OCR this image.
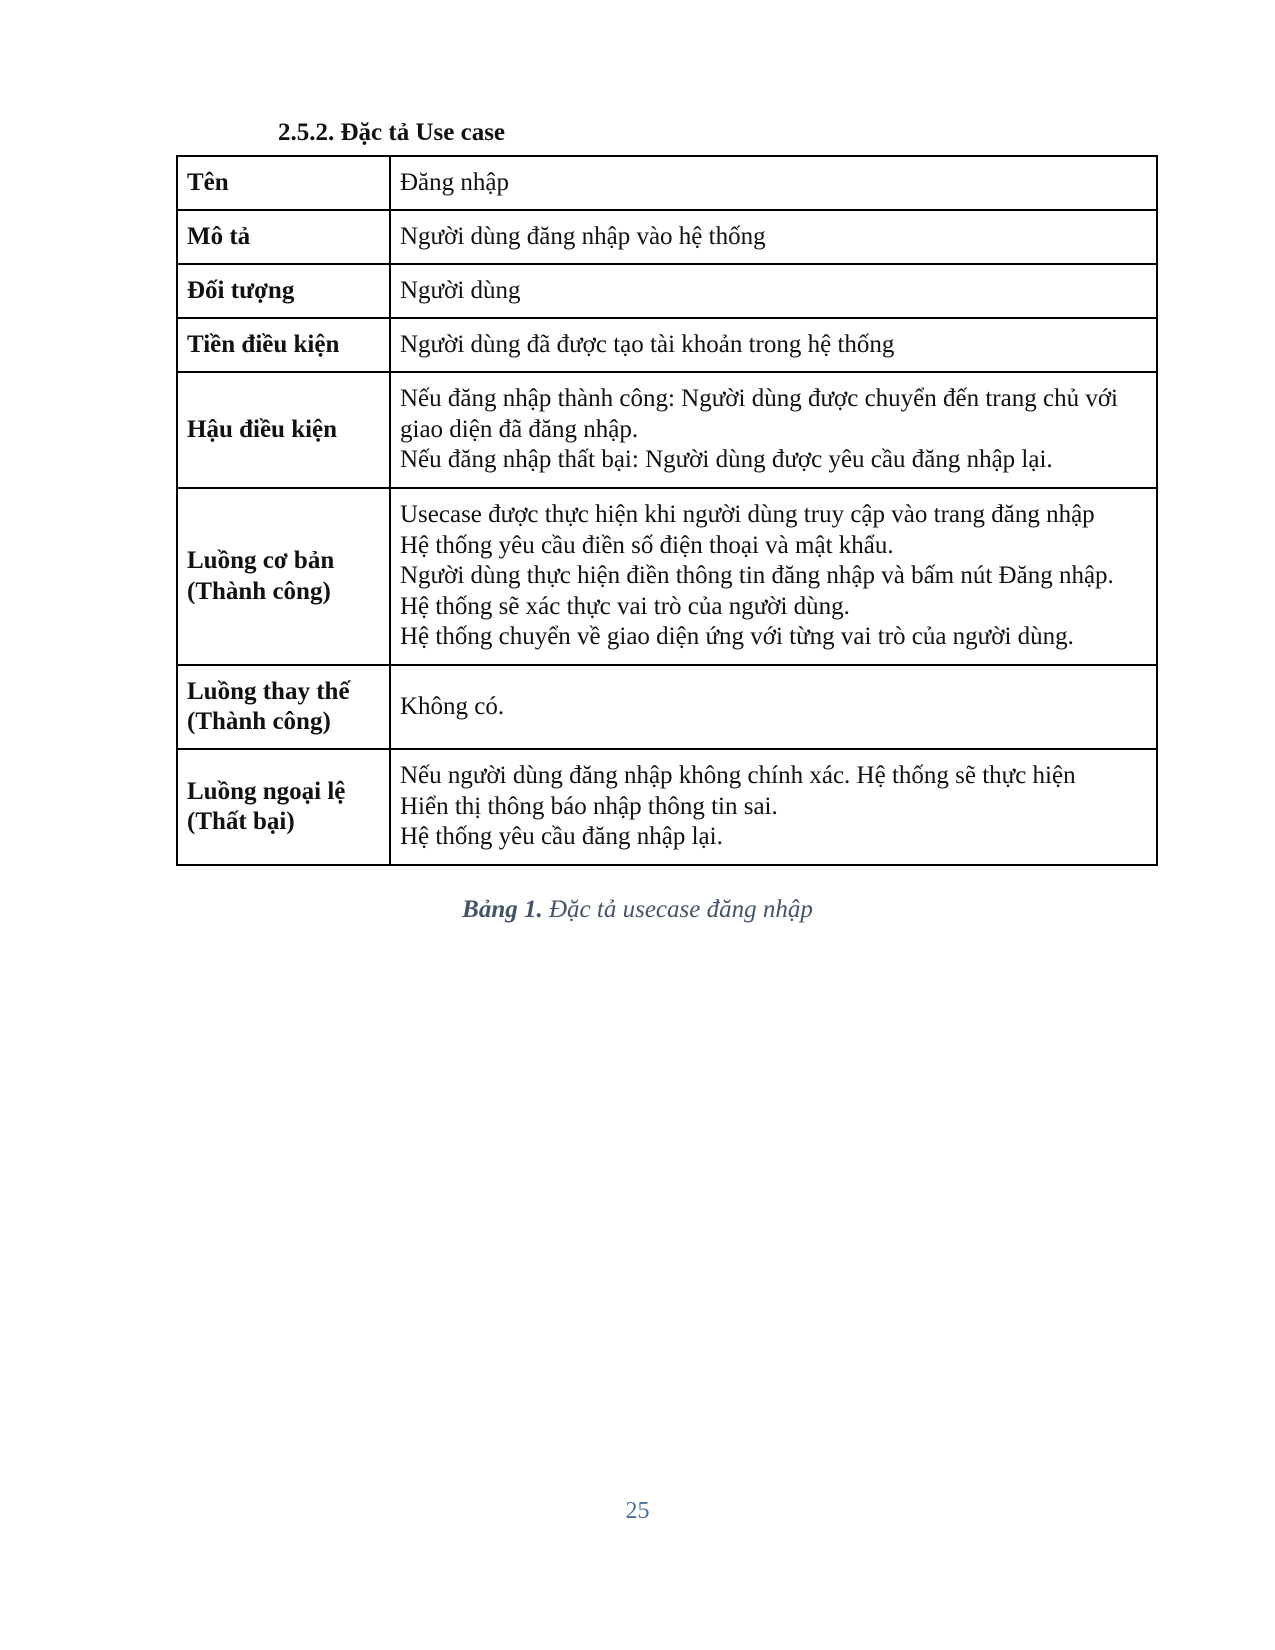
2.5.2. Đặc tả Use case
Tên	Đăng nhập

Mô tả	Người dùng đăng nhập vào hệ thống

Đối tượng	Người dùng

Tiền điều kiện	Người dùng đã được tạo tài khoản trong hệ thống

Hậu điều kiện	Nếu đăng nhập thành công: Người dùng được chuyển đến trang chủ với giao diện đã đăng nhập.
Nếu đăng nhập thất bại: Người dùng được yêu cầu đăng nhập lại.

Luồng cơ bản
(Thành công)	Usecase được thực hiện khi người dùng truy cập vào trang đăng nhập
Hệ thống yêu cầu điền số điện thoại và mật khẩu.
Người dùng thực hiện điền thông tin đăng nhập và bấm nút Đăng nhập.
Hệ thống sẽ xác thực vai trò của người dùng.
Hệ thống chuyển về giao diện ứng với từng vai trò của người dùng.

Luồng thay thế
(Thành công)	Không có.

Luồng ngoại lệ
(Thất bại)	Nếu người dùng đăng nhập không chính xác. Hệ thống sẽ thực hiện
Hiển thị thông báo nhập thông tin sai.
Hệ thống yêu cầu đăng nhập lại.

Bảng 1. Đặc tả usecase đăng nhập

25
